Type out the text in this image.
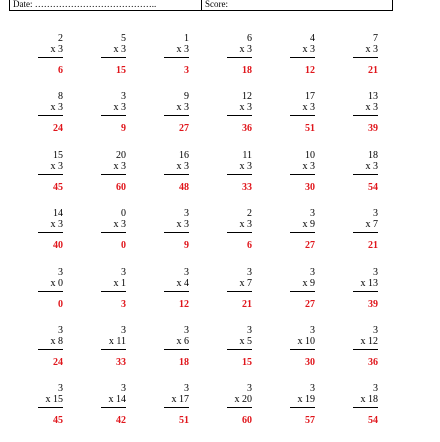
Date: …………………………………..	Score:
2
x 3
6
5
x 3
15
1
x 3
3
6
x 3
18
4
x 3
12
7
x 3
21
8
x 3
24
3
x 3
9
9
x 3
27
12
x 3
36
17
x 3
51
13
x 3
39
15
x 3
45
20
x 3
60
16
x 3
48
11
x 3
33
10
x 3
30
18
x 3
54
14
x 3
40
0
x 3
0
3
x 3
9
2
x 3
6
3
x 9
27
3
x 7
21
3
x 0
0
3
x 1
3
3
x 4
12
3
x 7
21
3
x 9
27
3
x 13
39
3
x 8
24
3
x 11
33
3
x 6
18
3
x 5
15
3
x 10
30
3
x 12
36
3
x 15
45
3
x 14
42
3
x 17
51
3
x 20
60
3
x 19
57
3
x 18
54
